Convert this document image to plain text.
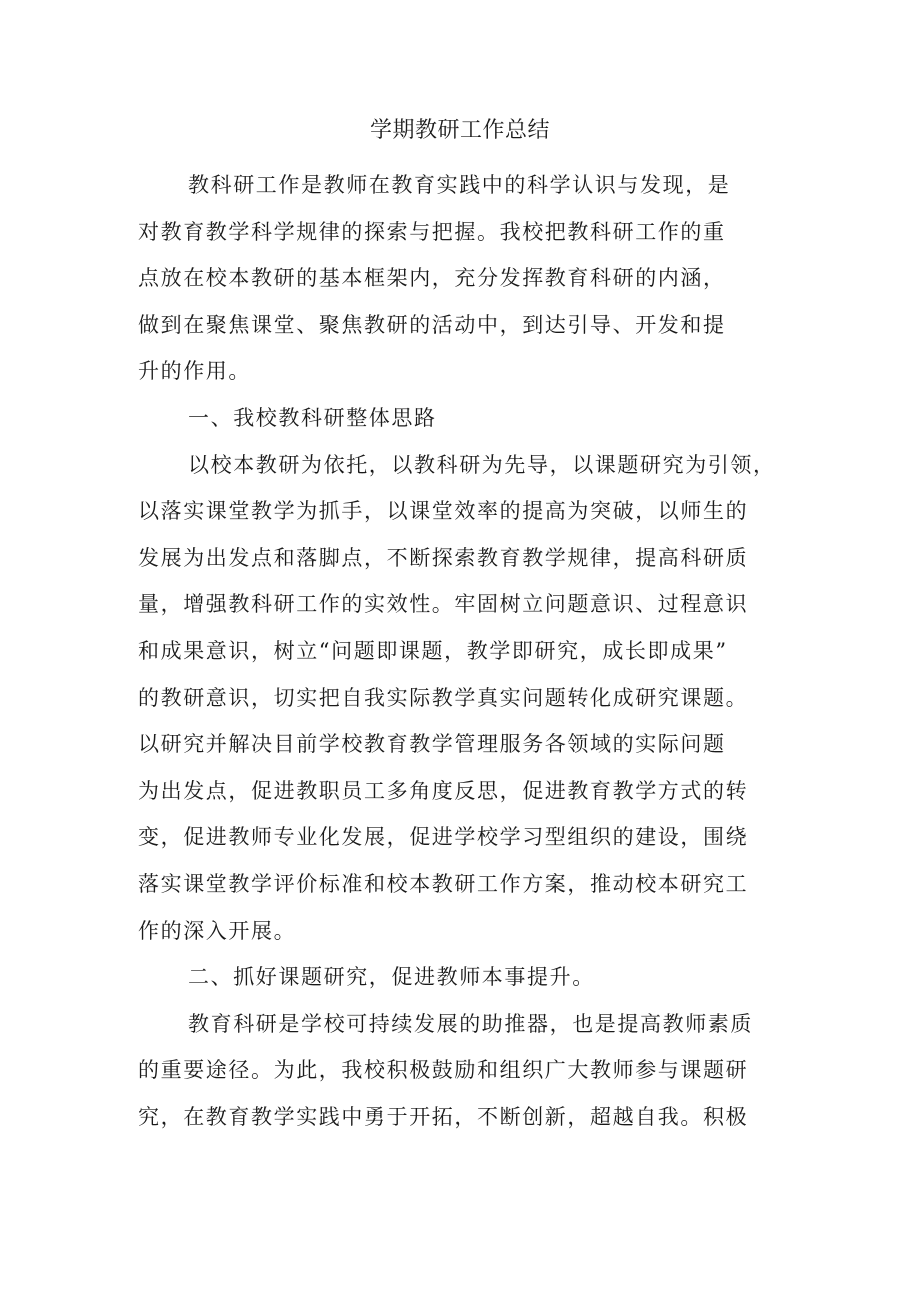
学期教研工作总结
教科研工作是教师在教育实践中的科学认识与发现，是
对教育教学科学规律的探索与把握。我校把教科研工作的重
点放在校本教研的基本框架内，充分发挥教育科研的内涵，
做到在聚焦课堂、聚焦教研的活动中，到达引导、开发和提
升的作用。
一、我校教科研整体思路
以校本教研为依托，以教科研为先导，以课题研究为引领，
以落实课堂教学为抓手，以课堂效率的提高为突破，以师生的
发展为出发点和落脚点，不断探索教育教学规律，提高科研质
量，增强教科研工作的实效性。牢固树立问题意识、过程意识
和成果意识，树立“问题即课题，教学即研究，成长即成果”
的教研意识，切实把自我实际教学真实问题转化成研究课题。
以研究并解决目前学校教育教学管理服务各领域的实际问题
为出发点，促进教职员工多角度反思，促进教育教学方式的转
变，促进教师专业化发展，促进学校学习型组织的建设，围绕
落实课堂教学评价标准和校本教研工作方案，推动校本研究工
作的深入开展。
二、抓好课题研究，促进教师本事提升。
教育科研是学校可持续发展的助推器，也是提高教师素质
的重要途径。为此，我校积极鼓励和组织广大教师参与课题研
究，在教育教学实践中勇于开拓，不断创新，超越自我。积极
